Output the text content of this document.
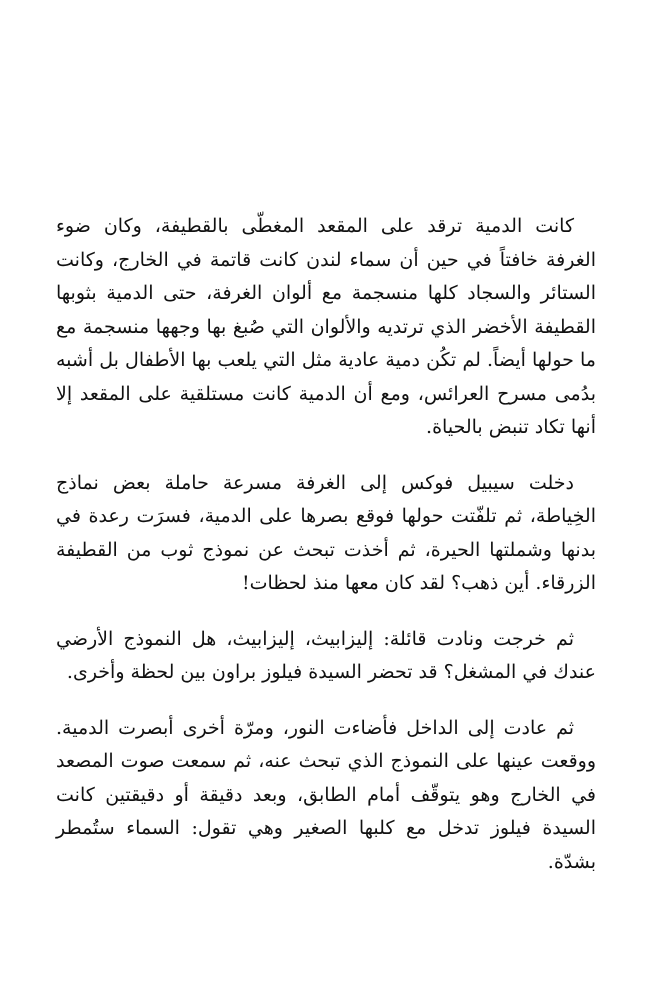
كانت الدمية ترقد على المقعد المغطّى بالقطيفة، وكان ضوء الغرفة خافتاً في حين أن سماء لندن كانت قاتمة في الخارج، وكانت الستائر والسجاد كلها منسجمة مع ألوان الغرفة، حتى الدمية بثوبها القطيفة الأخضر الذي ترتديه والألوان التي صُبغ بها وجهها منسجمة مع ما حولها أيضاً. لم تكُن دمية عادية مثل التي يلعب بها الأطفال بل أشبه بدُمى مسرح العرائس، ومع أن الدمية كانت مستلقية على المقعد إلا أنها تكاد تنبض بالحياة.

دخلت سيبيل فوكس إلى الغرفة مسرعة حاملة بعض نماذج الخِياطة، ثم تلفّتت حولها فوقع بصرها على الدمية، فسرَت رعدة في بدنها وشملتها الحيرة، ثم أخذت تبحث عن نموذج ثوب من القطيفة الزرقاء. أين ذهب؟ لقد كان معها منذ لحظات!

ثم خرجت ونادت قائلة: إليزابيث، إليزابيث، هل النموذج الأرضي عندك في المشغل؟ قد تحضر السيدة فيلوز براون بين لحظة وأخرى.

ثم عادت إلى الداخل فأضاءت النور، ومرّة أخرى أبصرت الدمية. ووقعت عينها على النموذج الذي تبحث عنه، ثم سمعت صوت المصعد في الخارج وهو يتوقّف أمام الطابق، وبعد دقيقة أو دقيقتين كانت السيدة فيلوز تدخل مع كلبها الصغير وهي تقول: السماء ستُمطر بشدّة.
